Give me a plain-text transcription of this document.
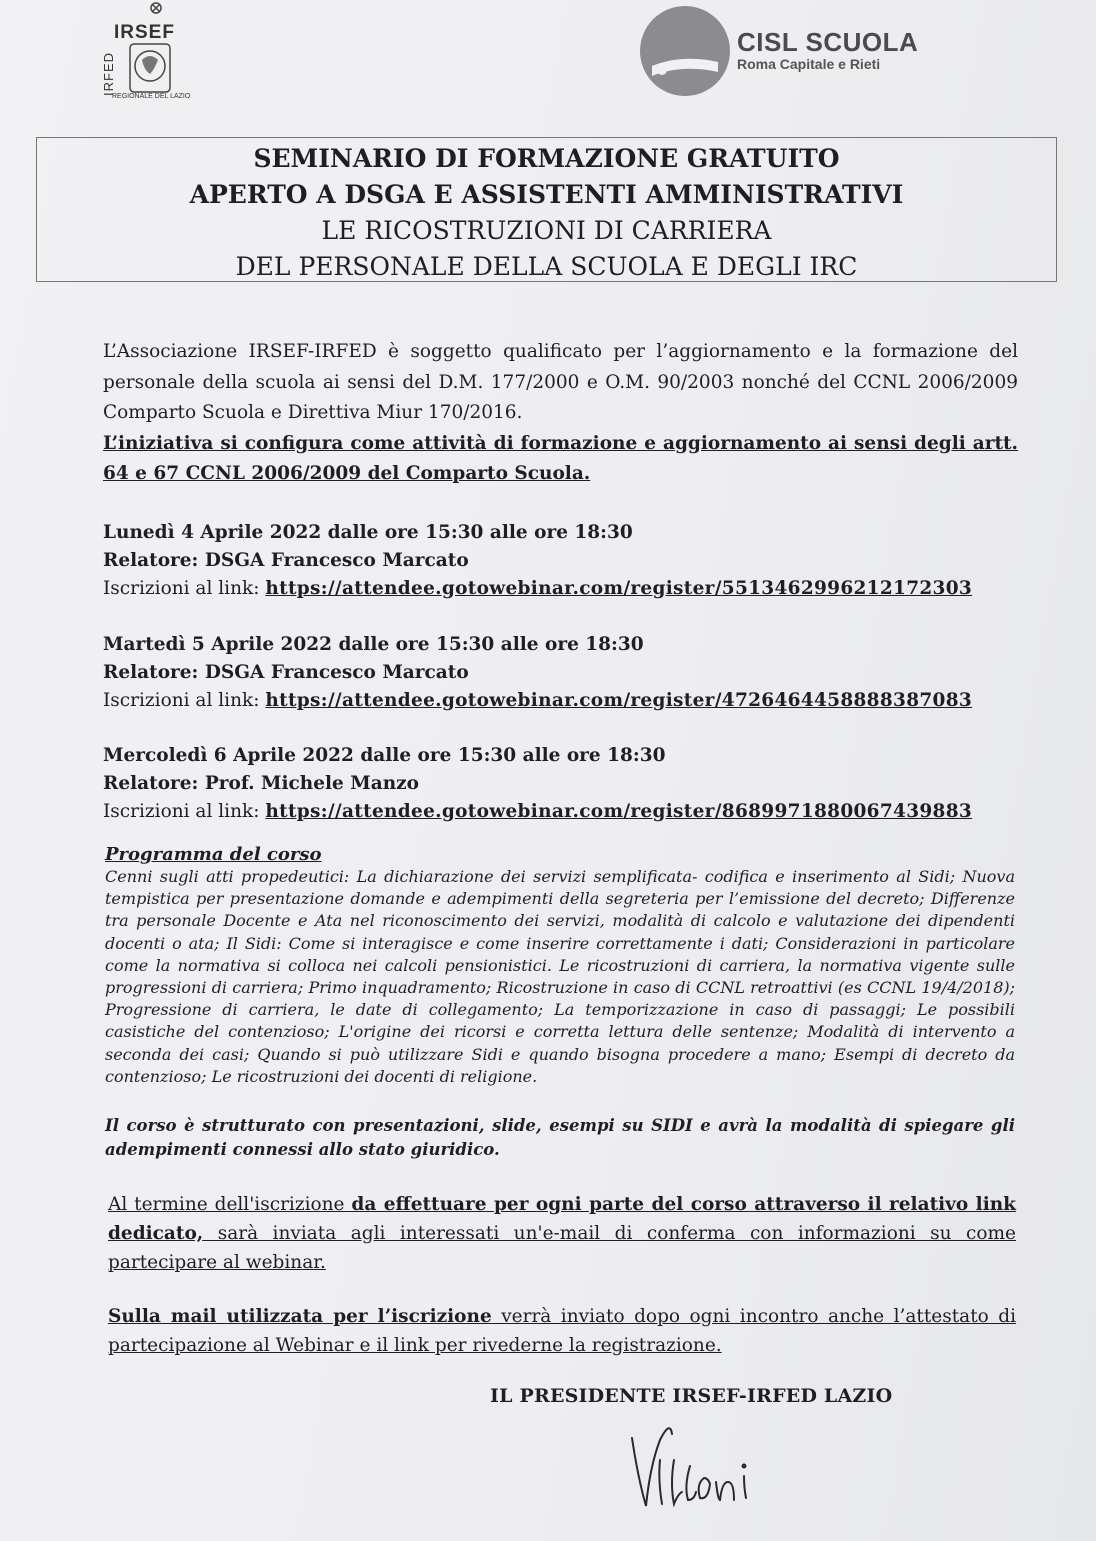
IRSEF
IRFED
REGIONALE DEL LAZIO
CISL SCUOLA
Roma Capitale e Rieti
SEMINARIO DI FORMAZIONE GRATUITO
APERTO A DSGA E ASSISTENTI AMMINISTRATIVI
LE RICOSTRUZIONI DI CARRIERA
DEL PERSONALE DELLA SCUOLA E DEGLI IRC
L’Associazione IRSEF-IRFED è soggetto qualificato per l’aggiornamento e la formazione del personale della scuola ai sensi del D.M. 177/2000 e O.M. 90/2003 nonché del CCNL 2006/2009 Comparto Scuola e Direttiva Miur 170/2016.
L’iniziativa si configura come attività di formazione e aggiornamento ai sensi degli artt. 64 e 67 CCNL 2006/2009 del Comparto Scuola.
Lunedì 4 Aprile 2022 dalle ore 15:30 alle ore 18:30
Relatore: DSGA Francesco Marcato
Iscrizioni al link: https://attendee.gotowebinar.com/register/5513462996212172303
Martedì 5 Aprile 2022 dalle ore 15:30 alle ore 18:30
Relatore: DSGA Francesco Marcato
Iscrizioni al link: https://attendee.gotowebinar.com/register/4726464458888387083
Mercoledì 6 Aprile 2022 dalle ore 15:30 alle ore 18:30
Relatore: Prof. Michele Manzo
Iscrizioni al link: https://attendee.gotowebinar.com/register/8689971880067439883
Programma del corso
Cenni sugli atti propedeutici: La dichiarazione dei servizi semplificata- codifica e inserimento al Sidi; Nuova tempistica per presentazione domande e adempimenti della segreteria per l’emissione del decreto; Differenze tra personale Docente e Ata nel riconoscimento dei servizi, modalità di calcolo e valutazione dei dipendenti docenti o ata; Il Sidi: Come si interagisce e come inserire correttamente i dati; Considerazioni in particolare come la normativa si colloca nei calcoli pensionistici. Le ricostruzioni di carriera, la normativa vigente sulle progressioni di carriera; Primo inquadramento; Ricostruzione in caso di CCNL retroattivi (es CCNL 19/4/2018); Progressione di carriera, le date di collegamento; La temporizzazione in caso di passaggi; Le possibili casistiche del contenzioso; L'origine dei ricorsi e corretta lettura delle sentenze; Modalità di intervento a seconda dei casi; Quando si può utilizzare Sidi e quando bisogna procedere a mano; Esempi di decreto da contenzioso; Le ricostruzioni dei docenti di religione.
Il corso è strutturato con presentazioni, slide, esempi su SIDI e avrà la modalità di spiegare gli adempimenti connessi allo stato giuridico.
Al termine dell'iscrizione da effettuare per ogni parte del corso attraverso il relativo link dedicato, sarà inviata agli interessati un'e-mail di conferma con informazioni su come partecipare al webinar.
Sulla mail utilizzata per l’iscrizione verrà inviato dopo ogni incontro anche l’attestato di partecipazione al Webinar e il link per rivederne la registrazione.
IL PRESIDENTE IRSEF-IRFED LAZIO
